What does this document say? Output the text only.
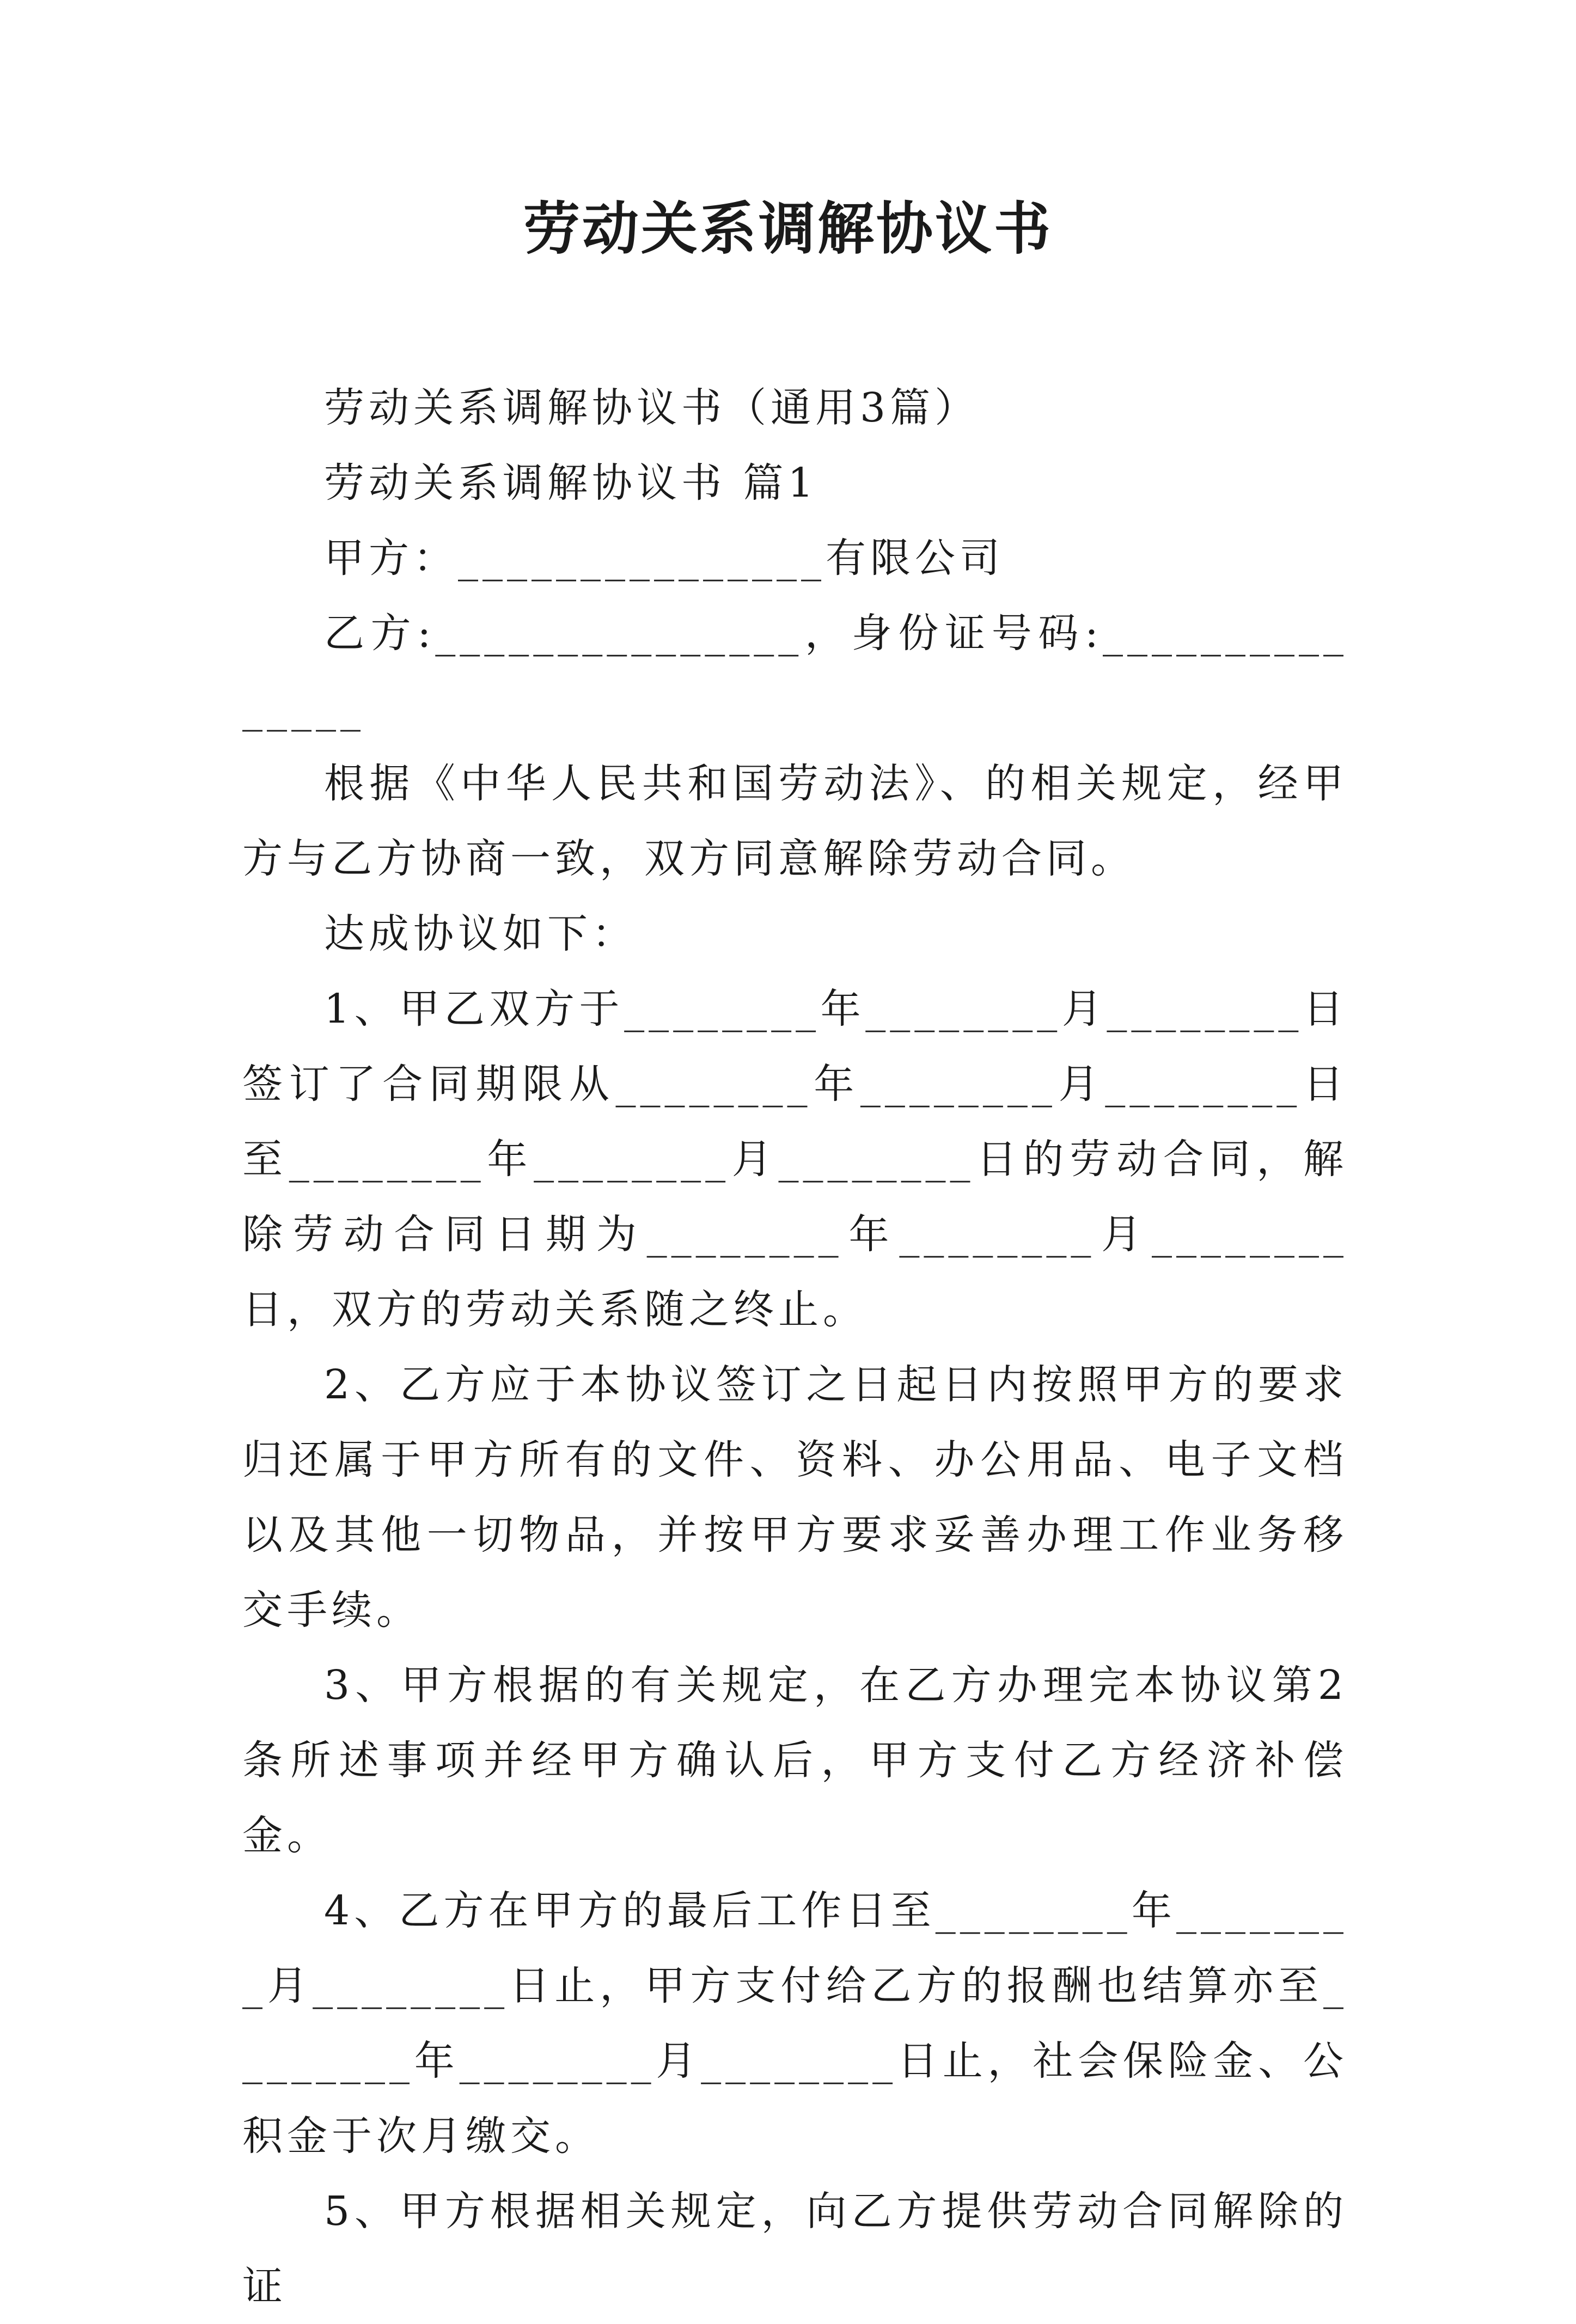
劳动关系调解协议书

劳动关系调解协议书（通用3篇）

劳动关系调解协议书 篇1

甲方：_______________有限公司

乙方:_______________，身份证号码:_______________

根据《中华人民共和国劳动法》、的相关规定，经甲方与乙方协商一致，双方同意解除劳动合同。

达成协议如下：

1、甲乙双方于________年________月________日签订了合同期限从________年________月________日至________年________月________日的劳动合同，解除劳动合同日期为________年________月________日，双方的劳动关系随之终止。

2、乙方应于本协议签订之日起日内按照甲方的要求归还属于甲方所有的文件、资料、办公用品、电子文档以及其他一切物品，并按甲方要求妥善办理工作业务移交手续。

3、甲方根据的有关规定，在乙方办理完本协议第2条所述事项并经甲方确认后，甲方支付乙方经济补偿金。

4、乙方在甲方的最后工作日至________年________月________日止，甲方支付给乙方的报酬也结算亦至________年________月________日止，社会保险金、公积金于次月缴交。

5、甲方根据相关规定，向乙方提供劳动合同解除的证
